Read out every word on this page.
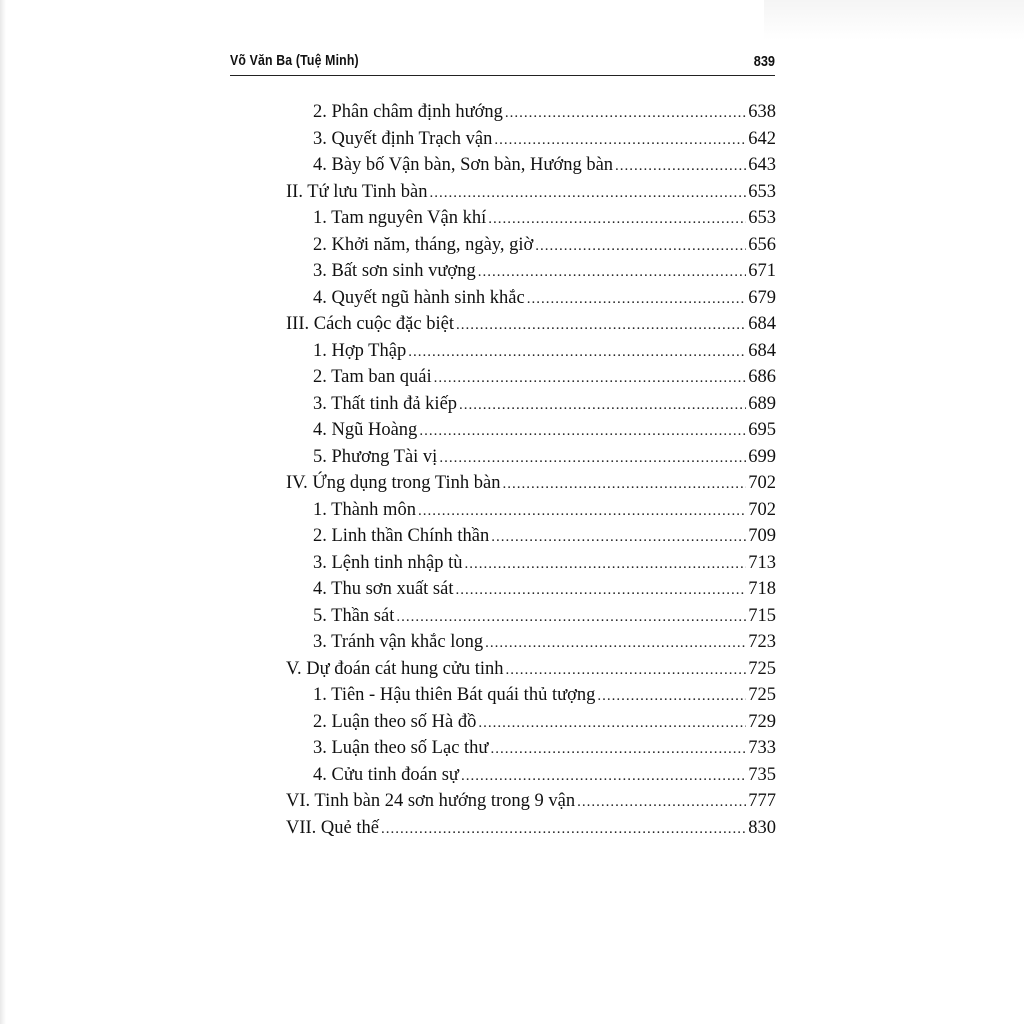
Võ Văn Ba (Tuệ Minh)	839
2. Phân châm định hướng .....	638
3. Quyết định Trạch vận .....	642
4. Bày bố Vận bàn, Sơn bàn, Hướng bàn .....	643
II. Tứ lưu Tinh bàn .....	653
1. Tam nguyên Vận khí .....	653
2. Khởi năm, tháng, ngày, giờ .....	656
3. Bất sơn sinh vượng .....	671
4. Quyết ngũ hành sinh khắc .....	679
III. Cách cuộc đặc biệt .....	684
1. Hợp Thập .....	684
2. Tam ban quái .....	686
3. Thất tinh đả kiếp .....	689
4. Ngũ Hoàng .....	695
5. Phương Tài vị .....	699
IV. Ứng dụng trong Tinh bàn .....	702
1. Thành môn .....	702
2. Linh thần Chính thần .....	709
3. Lệnh tinh nhập tù .....	713
4. Thu sơn xuất sát .....	718
5. Thần sát .....	715
3. Tránh vận khắc long .....	723
V. Dự đoán cát hung cửu tinh .....	725
1. Tiên - Hậu thiên Bát quái thủ tượng .....	725
2. Luận theo số Hà đồ .....	729
3. Luận theo số Lạc thư .....	733
4. Cửu tinh đoán sự .....	735
VI. Tinh bàn 24 sơn hướng trong 9 vận .....	777
VII. Quẻ thế .....	830
